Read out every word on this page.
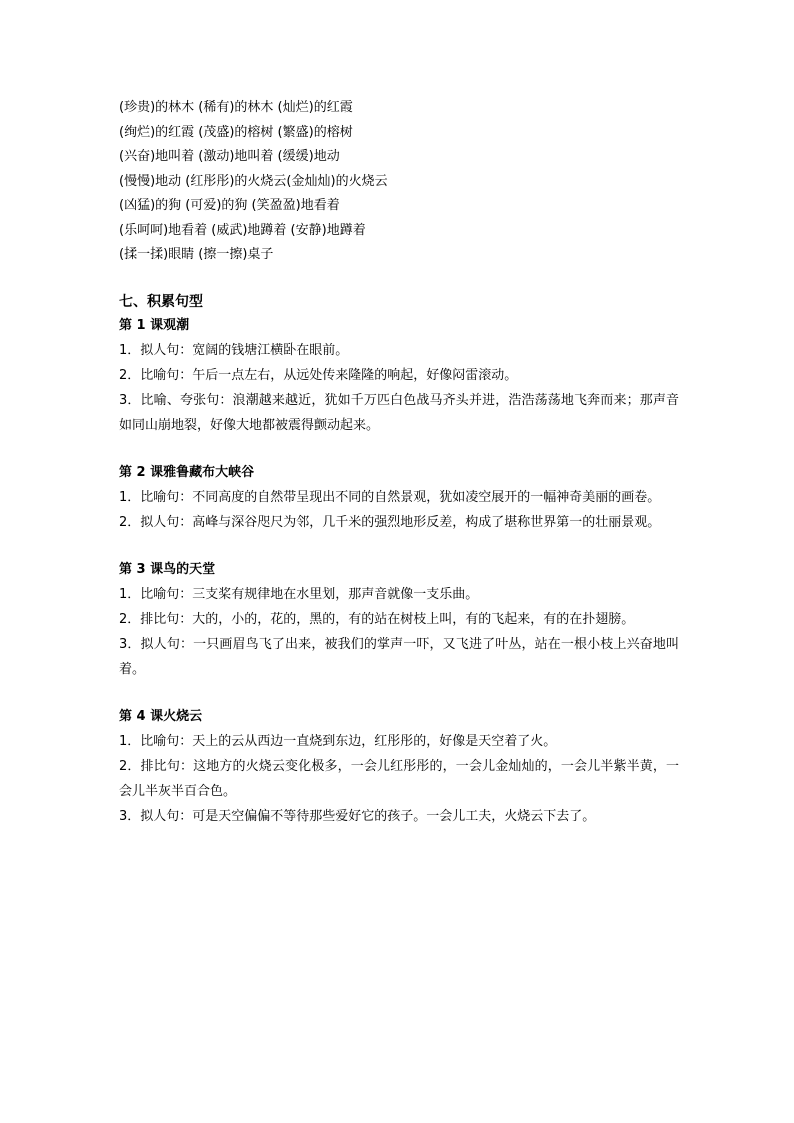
(珍贵)的林木 (稀有)的林木 (灿烂)的红霞

(绚烂)的红霞 (茂盛)的榕树 (繁盛)的榕树

(兴奋)地叫着 (激动)地叫着 (缓缓)地动

(慢慢)地动 (红彤彤)的火烧云(金灿灿)的火烧云

(凶猛)的狗 (可爱)的狗 (笑盈盈)地看着

(乐呵呵)地看着 (威武)地蹲着 (安静)地蹲着

(揉一揉)眼睛 (擦一擦)桌子

七、积累句型
第 1 课观潮

1．拟人句：宽阔的钱塘江横卧在眼前。

2．比喻句：午后一点左右，从远处传来隆隆的响起，好像闷雷滚动。

3．比喻、夸张句：浪潮越来越近，犹如千万匹白色战马齐头并进，浩浩荡荡地飞奔而来；那声音如同山崩地裂，好像大地都被震得颤动起来。

第 2 课雅鲁藏布大峡谷

1．比喻句：不同高度的自然带呈现出不同的自然景观，犹如凌空展开的一幅神奇美丽的画卷。

2．拟人句：高峰与深谷咫尺为邻，几千米的强烈地形反差，构成了堪称世界第一的壮丽景观。

第 3 课鸟的天堂

1．比喻句：三支桨有规律地在水里划，那声音就像一支乐曲。

2．排比句：大的，小的，花的，黑的，有的站在树枝上叫，有的飞起来，有的在扑翅膀。

3．拟人句：一只画眉鸟飞了出来，被我们的掌声一吓，又飞进了叶丛，站在一根小枝上兴奋地叫着。

第 4 课火烧云

1．比喻句：天上的云从西边一直烧到东边，红彤彤的，好像是天空着了火。

2．排比句：这地方的火烧云变化极多，一会儿红彤彤的，一会儿金灿灿的，一会儿半紫半黄，一会儿半灰半百合色。

3．拟人句：可是天空偏偏不等待那些爱好它的孩子。一会儿工夫，火烧云下去了。
